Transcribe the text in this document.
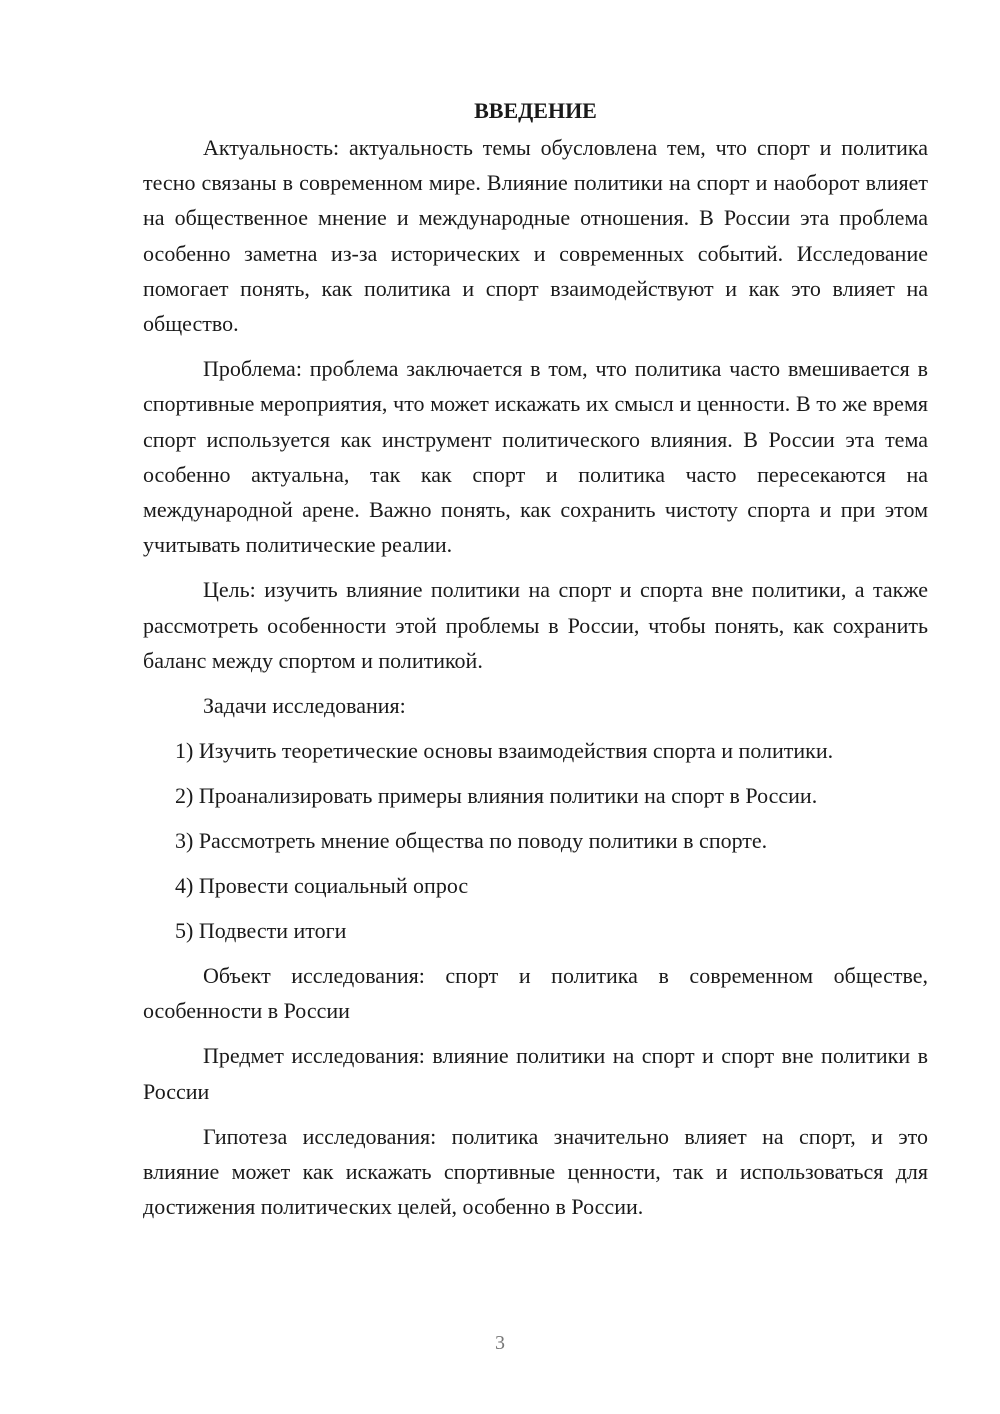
ВВЕДЕНИЕ

Актуальность: актуальность темы обусловлена тем, что спорт и политика тесно связаны в современном мире. Влияние политики на спорт и наоборот влияет на общественное мнение и международные отношения. В России эта проблема особенно заметна из-за исторических и современных событий. Исследование помогает понять, как политика и спорт взаимодействуют и как это влияет на общество.

Проблема: проблема заключается в том, что политика часто вмешивается в спортивные мероприятия, что может искажать их смысл и ценности. В то же время спорт используется как инструмент политического влияния. В России эта тема особенно актуальна, так как спорт и политика часто пересекаются на международной арене. Важно понять, как сохранить чистоту спорта и при этом учитывать политические реалии.

Цель: изучить влияние политики на спорт и спорта вне политики, а также рассмотреть особенности этой проблемы в России, чтобы понять, как сохранить баланс между спортом и политикой.

Задачи исследования:
1) Изучить теоретические основы взаимодействия спорта и политики.
2) Проанализировать примеры влияния политики на спорт в России.
3) Рассмотреть мнение общества по поводу политики в спорте.
4) Провести социальный опрос
5) Подвести итоги

Объект исследования: спорт и политика в современном обществе, особенности в России

Предмет исследования: влияние политики на спорт и спорт вне политики в России

Гипотеза исследования: политика значительно влияет на спорт, и это влияние может как искажать спортивные ценности, так и использоваться для достижения политических целей, особенно в России.

3
